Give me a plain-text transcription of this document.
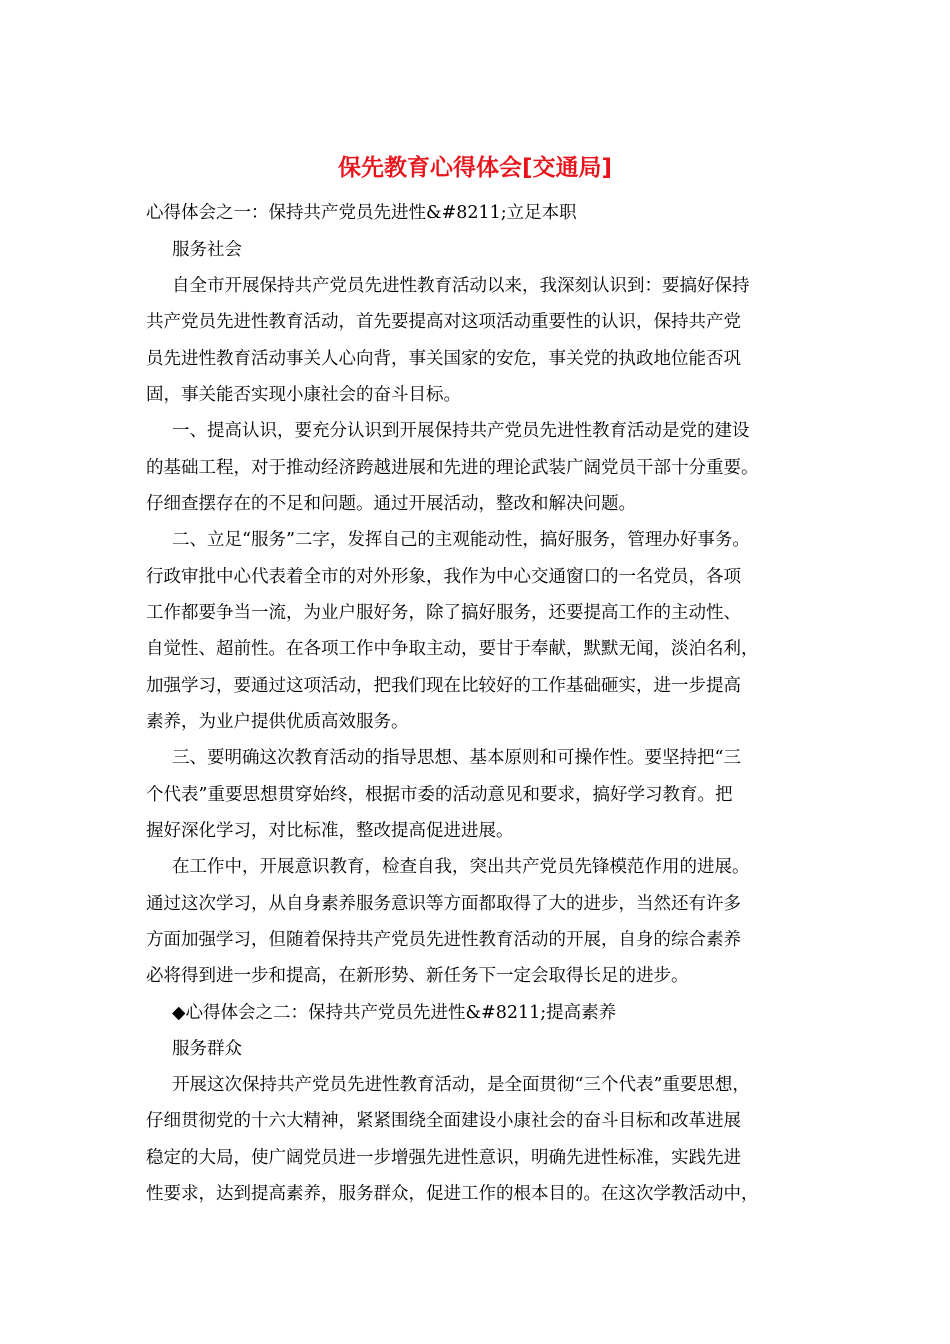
保先教育心得体会[交通局]

心得体会之一：保持共产党员先进性&#8211;立足本职

服务社会

自全市开展保持共产党员先进性教育活动以来，我深刻认识到：要搞好保持

共产党员先进性教育活动，首先要提高对这项活动重要性的认识，保持共产党

员先进性教育活动事关人心向背，事关国家的安危，事关党的执政地位能否巩

固，事关能否实现小康社会的奋斗目标。

一、提高认识，要充分认识到开展保持共产党员先进性教育活动是党的建设

的基础工程，对于推动经济跨越进展和先进的理论武装广阔党员干部十分重要。

仔细查摆存在的不足和问题。通过开展活动，整改和解决问题。

二、立足“服务”二字，发挥自己的主观能动性，搞好服务，管理办好事务。

行政审批中心代表着全市的对外形象，我作为中心交通窗口的一名党员，各项

工作都要争当一流，为业户服好务，除了搞好服务，还要提高工作的主动性、

自觉性、超前性。在各项工作中争取主动，要甘于奉献，默默无闻，淡泊名利，

加强学习，要通过这项活动，把我们现在比较好的工作基础砸实，进一步提高

素养，为业户提供优质高效服务。

三、要明确这次教育活动的指导思想、基本原则和可操作性。要坚持把“三

个代表”重要思想贯穿始终，根据市委的活动意见和要求，搞好学习教育。把

握好深化学习，对比标准，整改提高促进进展。

在工作中，开展意识教育，检查自我，突出共产党员先锋模范作用的进展。

通过这次学习，从自身素养服务意识等方面都取得了大的进步，当然还有许多

方面加强学习，但随着保持共产党员先进性教育活动的开展，自身的综合素养

必将得到进一步和提高，在新形势、新任务下一定会取得长足的进步。

◆心得体会之二：保持共产党员先进性&#8211;提高素养

服务群众

开展这次保持共产党员先进性教育活动，是全面贯彻“三个代表”重要思想，

仔细贯彻党的十六大精神，紧紧围绕全面建设小康社会的奋斗目标和改革进展

稳定的大局，使广阔党员进一步增强先进性意识，明确先进性标准，实践先进

性要求，达到提高素养，服务群众，促进工作的根本目的。在这次学教活动中，
